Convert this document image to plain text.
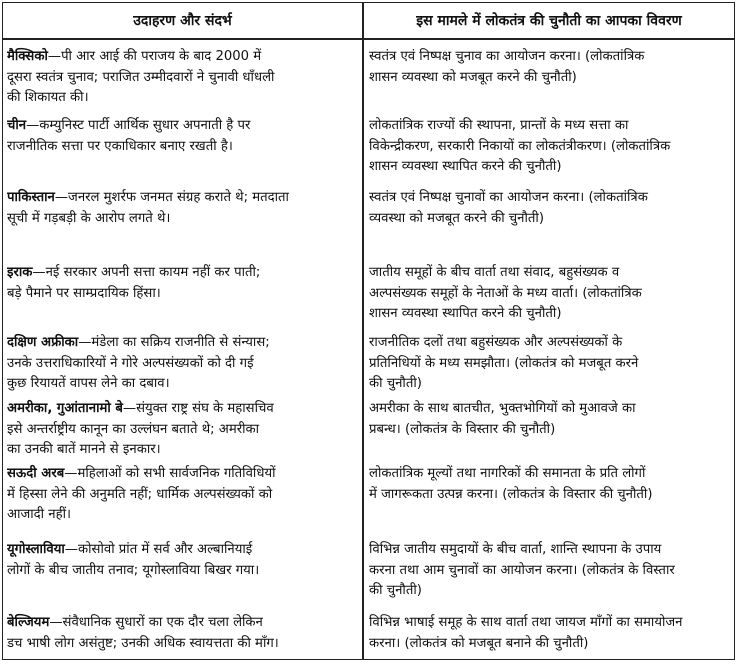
उदाहरण और संदर्भ	इस मामले में लोकतंत्र की चुनौती का आपका विवरण
मैक्सिको—पी आर आई की पराजय के बाद 2000 में
दूसरा स्वतंत्र चुनाव; पराजित उम्मीदवारों ने चुनावी धाँधली
की शिकायत की।
स्वतंत्र एवं निष्पक्ष चुनाव का आयोजन करना। (लोकतांत्रिक
शासन व्यवस्था को मजबूत करने की चुनौती)
चीन—कम्युनिस्ट पार्टी आर्थिक सुधार अपनाती है पर
राजनीतिक सत्ता पर एकाधिकार बनाए रखती है।
लोकतांत्रिक राज्यों की स्थापना, प्रान्तों के मध्य सत्ता का
विकेन्द्रीकरण, सरकारी निकायों का लोकतंत्रीकरण। (लोकतांत्रिक
शासन व्यवस्था स्थापित करने की चुनौती)
पाकिस्तान—जनरल मुशर्रफ जनमत संग्रह कराते थे; मतदाता
सूची में गड़बड़ी के आरोप लगते थे।
स्वतंत्र एवं निष्पक्ष चुनावों का आयोजन करना। (लोकतांत्रिक
व्यवस्था को मजबूत करने की चुनौती)
इराक—नई सरकार अपनी सत्ता कायम नहीं कर पाती;
बड़े पैमाने पर साम्प्रदायिक हिंसा।
जातीय समूहों के बीच वार्ता तथा संवाद, बहुसंख्यक व
अल्पसंख्यक समूहों के नेताओं के मध्य वार्ता। (लोकतांत्रिक
शासन व्यवस्था स्थापित करने की चुनौती)
दक्षिण अफ्रीका—मंडेला का सक्रिय राजनीति से संन्यास;
उनके उत्तराधिकारियों ने गोरे अल्पसंख्यकों को दी गई
कुछ रियायतें वापस लेने का दबाव।
राजनीतिक दलों तथा बहुसंख्यक और अल्पसंख्यकों के
प्रतिनिधियों के मध्य समझौता। (लोकतंत्र को मजबूत करने
की चुनौती)
अमरीका, गुआंतानामो बे—संयुक्त राष्ट्र संघ के महासचिव
इसे अन्तर्राष्ट्रीय कानून का उल्लंघन बताते थे; अमरीका
का उनकी बातें मानने से इनकार।
अमरीका के साथ बातचीत, भुक्तभोगियों को मुआवजे का
प्रबन्ध। (लोकतंत्र के विस्तार की चुनौती)
सऊदी अरब—महिलाओं को सभी सार्वजनिक गतिविधियों
में हिस्सा लेने की अनुमति नहीं; धार्मिक अल्पसंख्यकों को
आजादी नहीं।
लोकतांत्रिक मूल्यों तथा नागरिकों की समानता के प्रति लोगों
में जागरूकता उत्पन्न करना। (लोकतंत्र के विस्तार की चुनौती)
यूगोस्लाविया—कोसोवो प्रांत में सर्व और अल्बानियाई
लोगों के बीच जातीय तनाव; यूगोस्लाविया बिखर गया।
विभिन्न जातीय समुदायों के बीच वार्ता, शान्ति स्थापना के उपाय
करना तथा आम चुनावों का आयोजन करना। (लोकतंत्र के विस्तार
की चुनौती)
बेल्जियम—संवैधानिक सुधारों का एक दौर चला लेकिन
डच भाषी लोग असंतुष्ट; उनकी अधिक स्वायत्तता की माँग।
विभिन्न भाषाई समूह के साथ वार्ता तथा जायज माँगों का समायोजन
करना। (लोकतंत्र को मजबूत बनाने की चुनौती)
